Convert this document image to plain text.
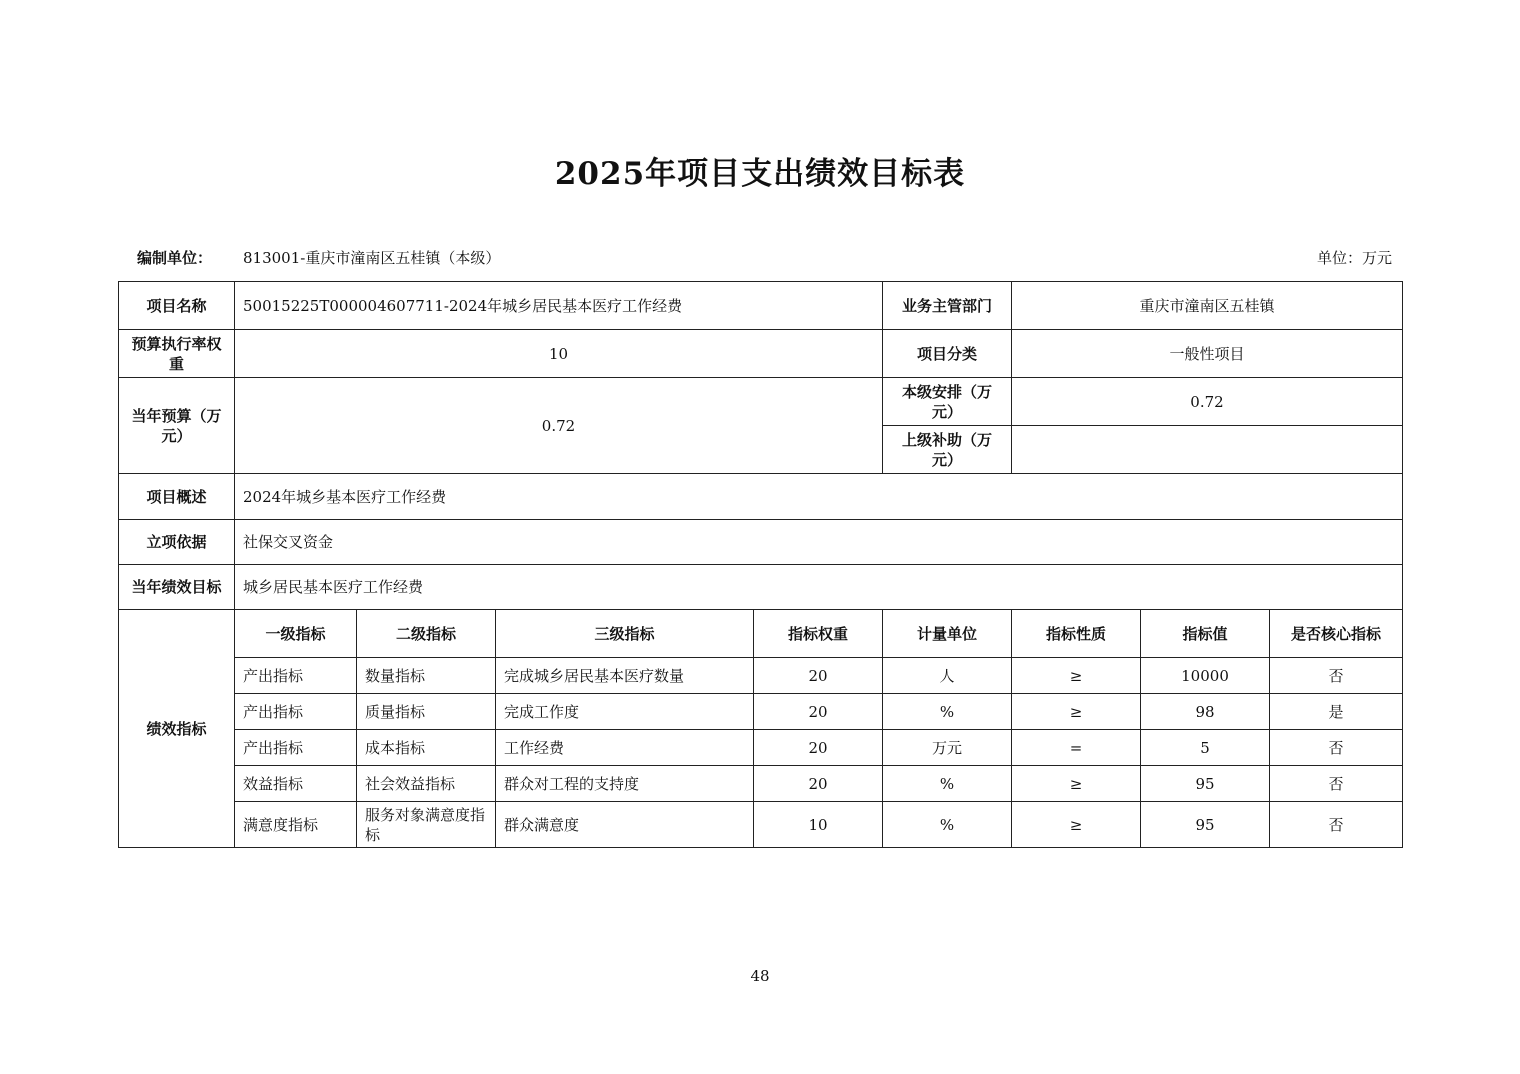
2025年项目支出绩效目标表
编制单位： 813001-重庆市潼南区五桂镇（本级）	单位：万元
项目名称	50015225T000004607711-2024年城乡居民基本医疗工作经费				业务主管部门	重庆市潼南区五桂镇		
预算执行率权重	10				项目分类	一般性项目		
当年预算（万元）	0.72				本级安排（万元）	0.72		
					上级补助（万元）			
项目概述	2024年城乡基本医疗工作经费							
立项依据	社保交叉资金							
当年绩效目标	城乡居民基本医疗工作经费							
绩效指标	一级指标	二级指标	三级指标	指标权重	计量单位	指标性质	指标值	是否核心指标
	产出指标	数量指标	完成城乡居民基本医疗数量	20	人	≥	10000	否
	产出指标	质量指标	完成工作度	20	%	≥	98	是
	产出指标	成本指标	工作经费	20	万元	=	5	否
	效益指标	社会效益指标	群众对工程的支持度	20	%	≥	95	否
	满意度指标	服务对象满意度指标	群众满意度	10	%	≥	95	否
48
